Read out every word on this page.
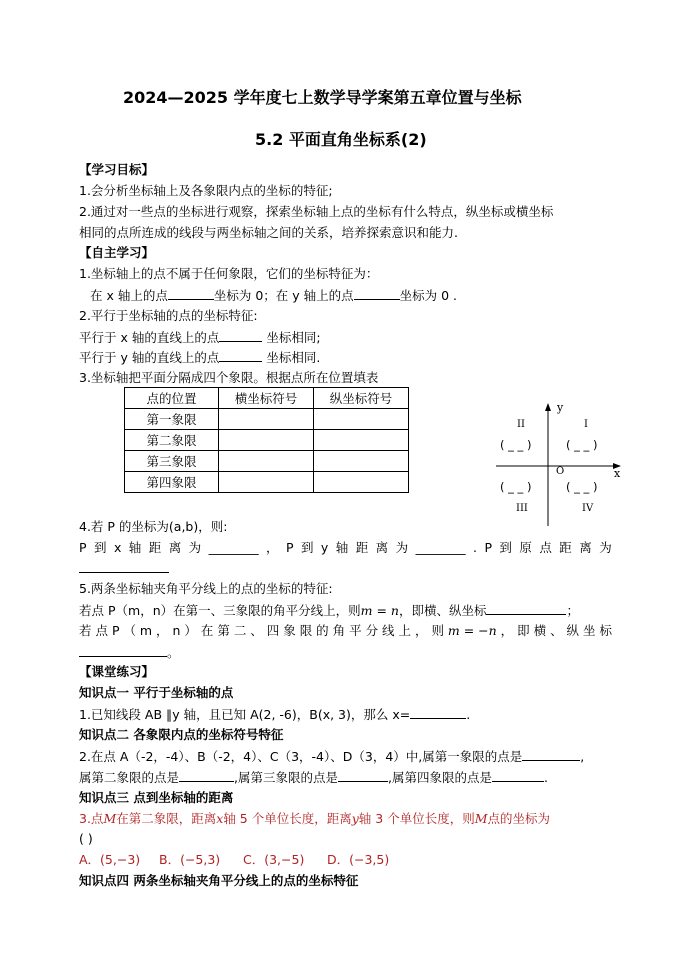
2024—2025 学年度七上数学导学案第五章位置与坐标
5.2 平面直角坐标系(2)
【学习目标】
1.会分析坐标轴上及各象限内点的坐标的特征;
2.通过对一些点的坐标进行观察，探索坐标轴上点的坐标有什么特点，纵坐标或横坐标
相同的点所连成的线段与两坐标轴之间的关系，培养探索意识和能力.
【自主学习】
1.坐标轴上的点不属于任何象限，它们的坐标特征为：
在 x 轴上的点	坐标为 0；在 y 轴上的点	坐标为 0 .
2.平行于坐标轴的点的坐标特征:
平行于 x 轴的直线上的点	坐标相同;
平行于 y 轴的直线上的点	坐标相同.
3.坐标轴把平面分隔成四个象限。根据点所在位置填表
点的位置	横坐标符号	纵坐标符号
第一象限		
第二象限		
第三象限		
第四象限		
y
x
O
I
II
III	IV
( _ _ )	( _ _ )
( _ _ )	( _ _ )
4.若 P 的坐标为(a,b)，则:
P 到 x 轴 距 离 为 ________ ， P 到 y 轴 距 离 为 ________ . P 到 原 点 距 离 为
5.两条坐标轴夹角平分线上的点的坐标的特征:
若点 P（m，n）在第一、三象限的角平分线上，则m = n，即横、纵坐标	；
若 点 P （ m ， n ） 在 第 二 、 四 象 限 的 角 平 分 线 上 ， 则 m = −n ， 即 横 、 纵 坐 标
。
【课堂练习】
知识点一 平行于坐标轴的点
1.已知线段 AB ∥y 轴，且已知 A(2, -6)，B(x, 3)，那么 x=	.
知识点二 各象限内点的坐标符号特征
2.在点 A（-2，-4）、B（-2，4）、C（3，-4）、D（3，4）中,属第一象限的点是	,
属第二象限的点是	,属第三象限的点是	,属第四象限的点是	.
知识点三 点到坐标轴的距离
3.点M在第二象限，距离x轴 5 个单位长度，距离y轴 3 个单位长度，则M点的坐标为
( )
A．(5,−3) B．(−5,3) C．(3,−5) D．(−3,5)
知识点四 两条坐标轴夹角平分线上的点的坐标特征
